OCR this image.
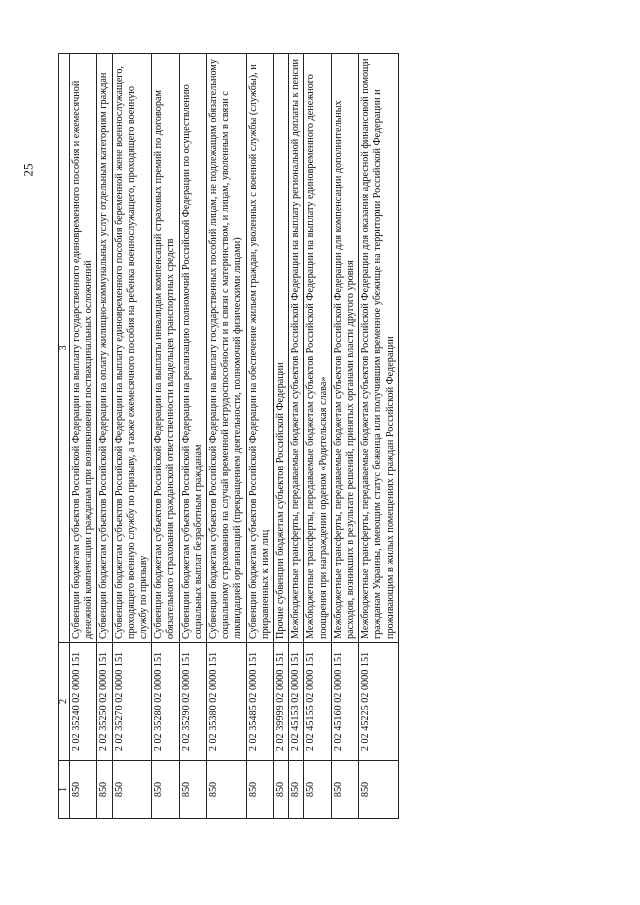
25
1	2	3
850	2 02 35240 02 0000 151	Субвенции бюджетам субъектов Российской Федерации на выплату государственного единовременного пособия и ежемесячной денежной компенсации гражданам при возникновении поствакцинальных осложнений
850	2 02 35250 02 0000 151	Субвенции бюджетам субъектов Российской Федерации на оплату жилищно-коммунальных услуг отдельным категориям граждан
850	2 02 35270 02 0000 151	Субвенции бюджетам субъектов Российской Федерации на выплату единовременного пособия беременной жене военнослужащего, проходящего военную службу по призыву, а также ежемесячного пособия на ребенка военнослужащего, проходящего военную службу по призыву
850	2 02 35280 02 0000 151	Субвенции бюджетам субъектов Российской Федерации на выплаты инвалидам компенсаций страховых премий по договорам обязательного страхования гражданской ответственности владельцев транспортных средств
850	2 02 35290 02 0000 151	Субвенции бюджетам субъектов Российской Федерации на реализацию полномочий Российской Федерации по осуществлению социальных выплат безработным гражданам
850	2 02 35380 02 0000 151	Субвенции бюджетам субъектов Российской Федерации на выплату государственных пособий лицам, не подлежащим обязательному социальному страхованию на случай временной нетрудоспособности и в связи с материнством, и лицам, уволенным в связи с ликвидацией организаций (прекращением деятельности, полномочий физическими лицами)
850	2 02 35485 02 0000 151	Субвенции бюджетам субъектов Российской Федерации на обеспечение жильем граждан, уволенных с военной службы (службы), и приравненных к ним лиц
850	2 02 39999 02 0000 151	Прочие субвенции бюджетам субъектов Российской Федерации
850	2 02 45153 02 0000 151	Межбюджетные трансферты, передаваемые бюджетам субъектов Российской Федерации на выплату региональной доплаты к пенсии
850	2 02 45155 02 0000 151	Межбюджетные трансферты, передаваемые бюджетам субъектов Российской Федерации на выплату единовременного денежного поощрения при награждении орденом «Родительская слава»
850	2 02 45160 02 0000 151	Межбюджетные трансферты, передаваемые бюджетам субъектов Российской Федерации для компенсации дополнительных расходов, возникших в результате решений, принятых органами власти другого уровня
850	2 02 45225 02 0000 151	Межбюджетные трансферты, передаваемые бюджетам субъектов Российской Федерации для оказания адресной финансовой помощи гражданам Украины, имеющим статус беженца или получившим временное убежище на территории Российской Федерации и проживающим в жилых помещениях граждан Российской Федерации
